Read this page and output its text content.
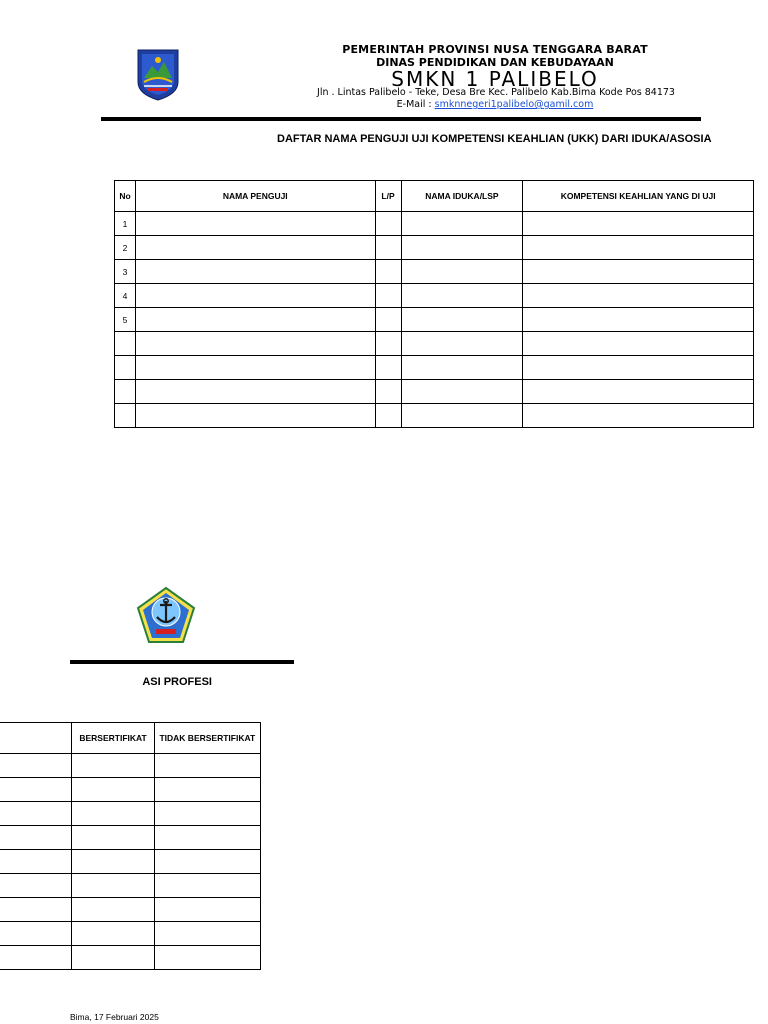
PEMERINTAH PROVINSI NUSA TENGGARA BARAT
DINAS PENDIDIKAN DAN KEBUDAYAAN
SMKN 1 PALIBELO
Jln . Lintas Palibelo - Teke, Desa Bre Kec. Palibelo Kab.Bima Kode Pos 84173
E-Mail : smknnegeri1palibelo@gamil.com
DAFTAR NAMA PENGUJI UJI KOMPETENSI KEAHLIAN (UKK) DARI IDUKA/ASOSIA
No	NAMA PENGUJI	L/P	NAMA IDUKA/LSP	KOMPETENSI KEAHLIAN YANG DI UJI
1				
2				
3				
4				
5				

ASI PROFESI
	BERSERTIFIKAT	TIDAK BERSERTIFIKAT

Bima, 17 Februari 2025
